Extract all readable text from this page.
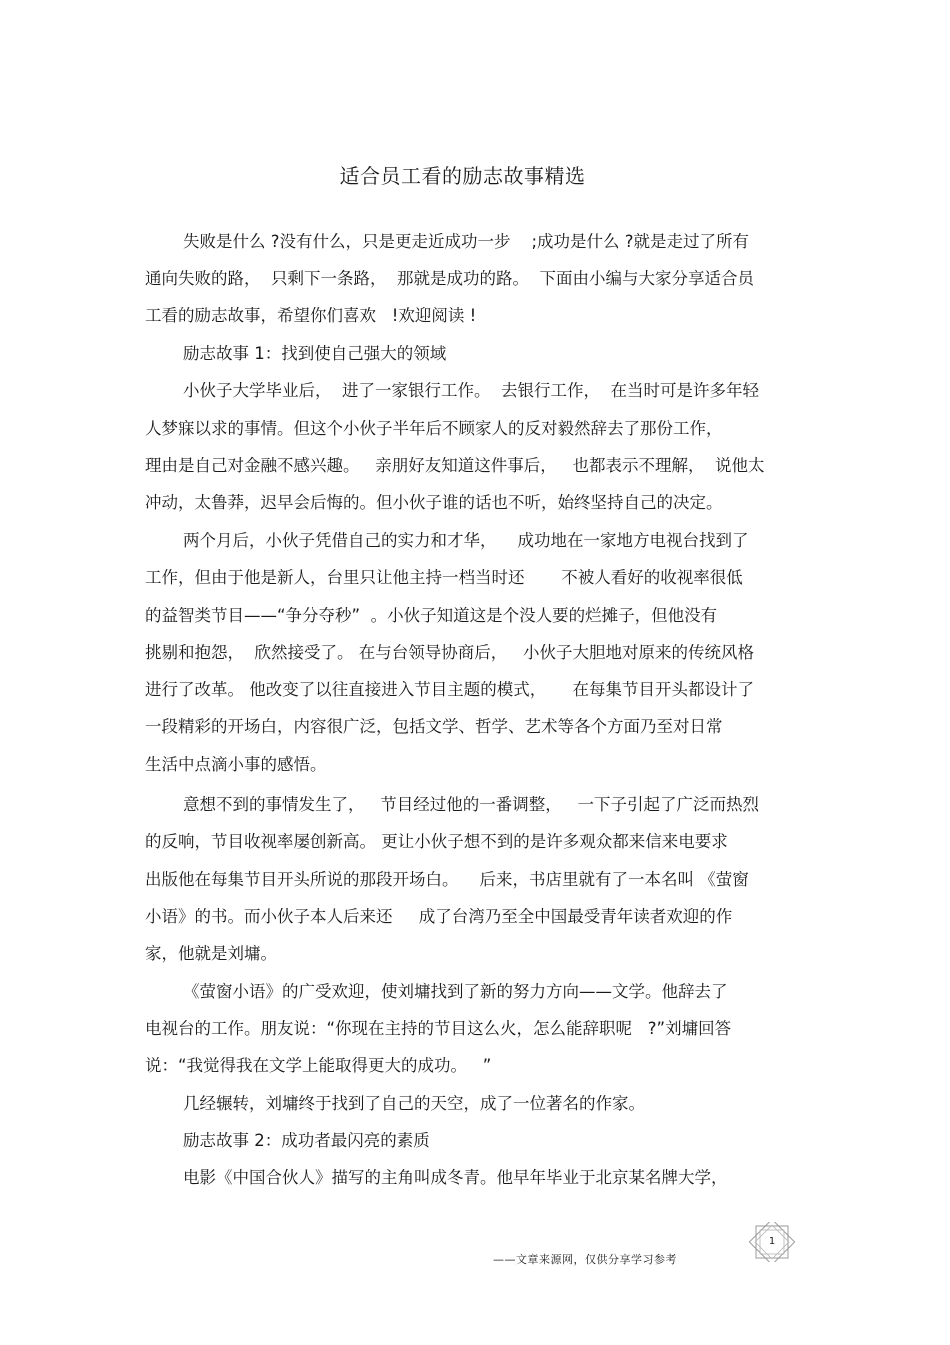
适合员工看的励志故事精选
失败是什么 ?没有什么，只是更走近成功一步    ;成功是什么 ?就是走过了所有
通向失败的路，  只剩下一条路，  那就是成功的路。  下面由小编与大家分享适合员
工看的励志故事，希望你们喜欢   !欢迎阅读 !
励志故事 1：找到使自己强大的领域
小伙子大学毕业后，  进了一家银行工作。  去银行工作，  在当时可是许多年轻
人梦寐以求的事情。但这个小伙子半年后不顾家人的反对毅然辞去了那份工作，
理由是自己对金融不感兴趣。   亲朋好友知道这件事后，   也都表示不理解，  说他太
冲动，太鲁莽，迟早会后悔的。但小伙子谁的话也不听，始终坚持自己的决定。
两个月后，小伙子凭借自己的实力和才华，    成功地在一家地方电视台找到了
工作，但由于他是新人，台里只让他主持一档当时还       不被人看好的收视率很低
的益智类节目——“争分夺秒”  。小伙子知道这是个没人要的烂摊子，但他没有
挑剔和抱怨，  欣然接受了。 在与台领导协商后，   小伙子大胆地对原来的传统风格
进行了改革。 他改变了以往直接进入节目主题的模式，     在每集节目开头都设计了
一段精彩的开场白，内容很广泛，包括文学、哲学、艺术等各个方面乃至对日常
生活中点滴小事的感悟。
意想不到的事情发生了，   节目经过他的一番调整，   一下子引起了广泛而热烈
的反响，节目收视率屡创新高。 更让小伙子想不到的是许多观众都来信来电要求
出版他在每集节目开头所说的那段开场白。    后来，书店里就有了一本名叫 《萤窗
小语》的书。而小伙子本人后来还     成了台湾乃至全中国最受青年读者欢迎的作
家，他就是刘墉。
《萤窗小语》的广受欢迎，使刘墉找到了新的努力方向——文学。他辞去了
电视台的工作。朋友说：“你现在主持的节目这么火，怎么能辞职呢   ?”刘墉回答
说：“我觉得我在文学上能取得更大的成功。   ”
几经辗转，刘墉终于找到了自己的天空，成了一位著名的作家。
励志故事 2：成功者最闪亮的素质
电影《中国合伙人》描写的主角叫成冬青。他早年毕业于北京某名牌大学，
——文章来源网，仅供分享学习参考
1
